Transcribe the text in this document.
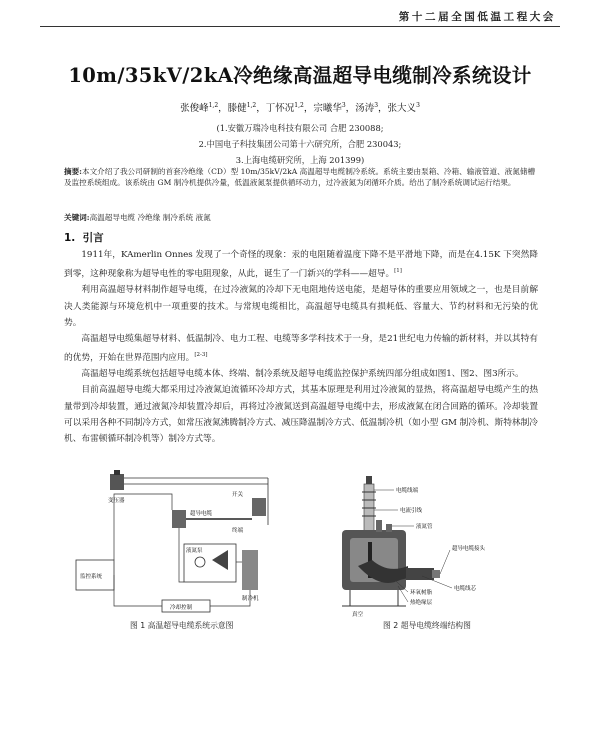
第十二届全国低温工程大会
10m/35kV/2kA冷绝缘高温超导电缆制冷系统设计
张俊峰$^{1,2}$，滕健$^{1,2}$，丁怀况$^{1,2}$，宗曦华$^3$，汤涛$^3$，张大义$^3$
(1.安徽万瑞冷电科技有限公司 合肥 230088;
2.中国电子科技集团公司第十六研究所，合肥 230043;
3.上海电缆研究所，上海 201399)
摘要:本文介绍了我公司研制的首套冷绝缘（CD）型 10m/35kV/2kA 高温超导电缆制冷系统。系统主要由泵箱、冷箱、输液管道、液氮储槽及监控系统组成。该系统由 GM 制冷机提供冷量，低温液氮泵提供循环动力，过冷液氮为闭循环介质。给出了制冷系统调试运行结果。
关键词:高温超导电缆 冷绝缘 制冷系统 液氮
1. 引言

1911年，KAmerlin Onnes 发现了一个奇怪的现象：汞的电阻随着温度下降不是平滑地下降，而是在4.15K 下突然降到零，这种现象称为超导电性的零电阻现象，从此，诞生了一门新兴的学科——超导。[1]

利用高温超导材料制作超导电缆，在过冷液氮的冷却下无电阻地传送电能，是超导体的重要应用领域之一，也是目前解决人类能源与环境危机中一项重要的技术。与常规电缆相比，高温超导电缆具有损耗低、容量大、节约材料和无污染的优势。

高温超导电缆集超导材料、低温制冷、电力工程、电缆等多学科技术于一身，是21世纪电力传输的新材料，并以其特有的优势，开始在世界范围内应用。[2-3]

高温超导电缆系统包括超导电缆本体、终端、制冷系统及超导电缆监控保护系统四部分组成如图1、图2、图3所示。

目前高温超导电缆大都采用过冷液氮迫流循环冷却方式，其基本原理是利用过冷液氮的显热，将高温超导电缆产生的热量带到冷却装置，通过液氮冷却装置冷却后，再将过冷液氮送到高温超导电缆中去，形成液氮在闭合回路的循环。冷却装置可以采用各种不同制冷方式，如常压液氮沸腾制冷方式、减压降温制冷方式、低温制冷机（如小型 GM 制冷机、斯特林制冷机、布雷顿循环制冷机等）制冷方式等。

变压器
开关
超导电缆
终端
液氮泵
制冷机
监控系统
冷却控制
图 1 高温超导电缆系统示意图
电缆线端
电流引线
液氮管
超导电缆接头
环氧树脂
电缆线芯
热绝缘层
真空
图 2 超导电缆终端结构图
